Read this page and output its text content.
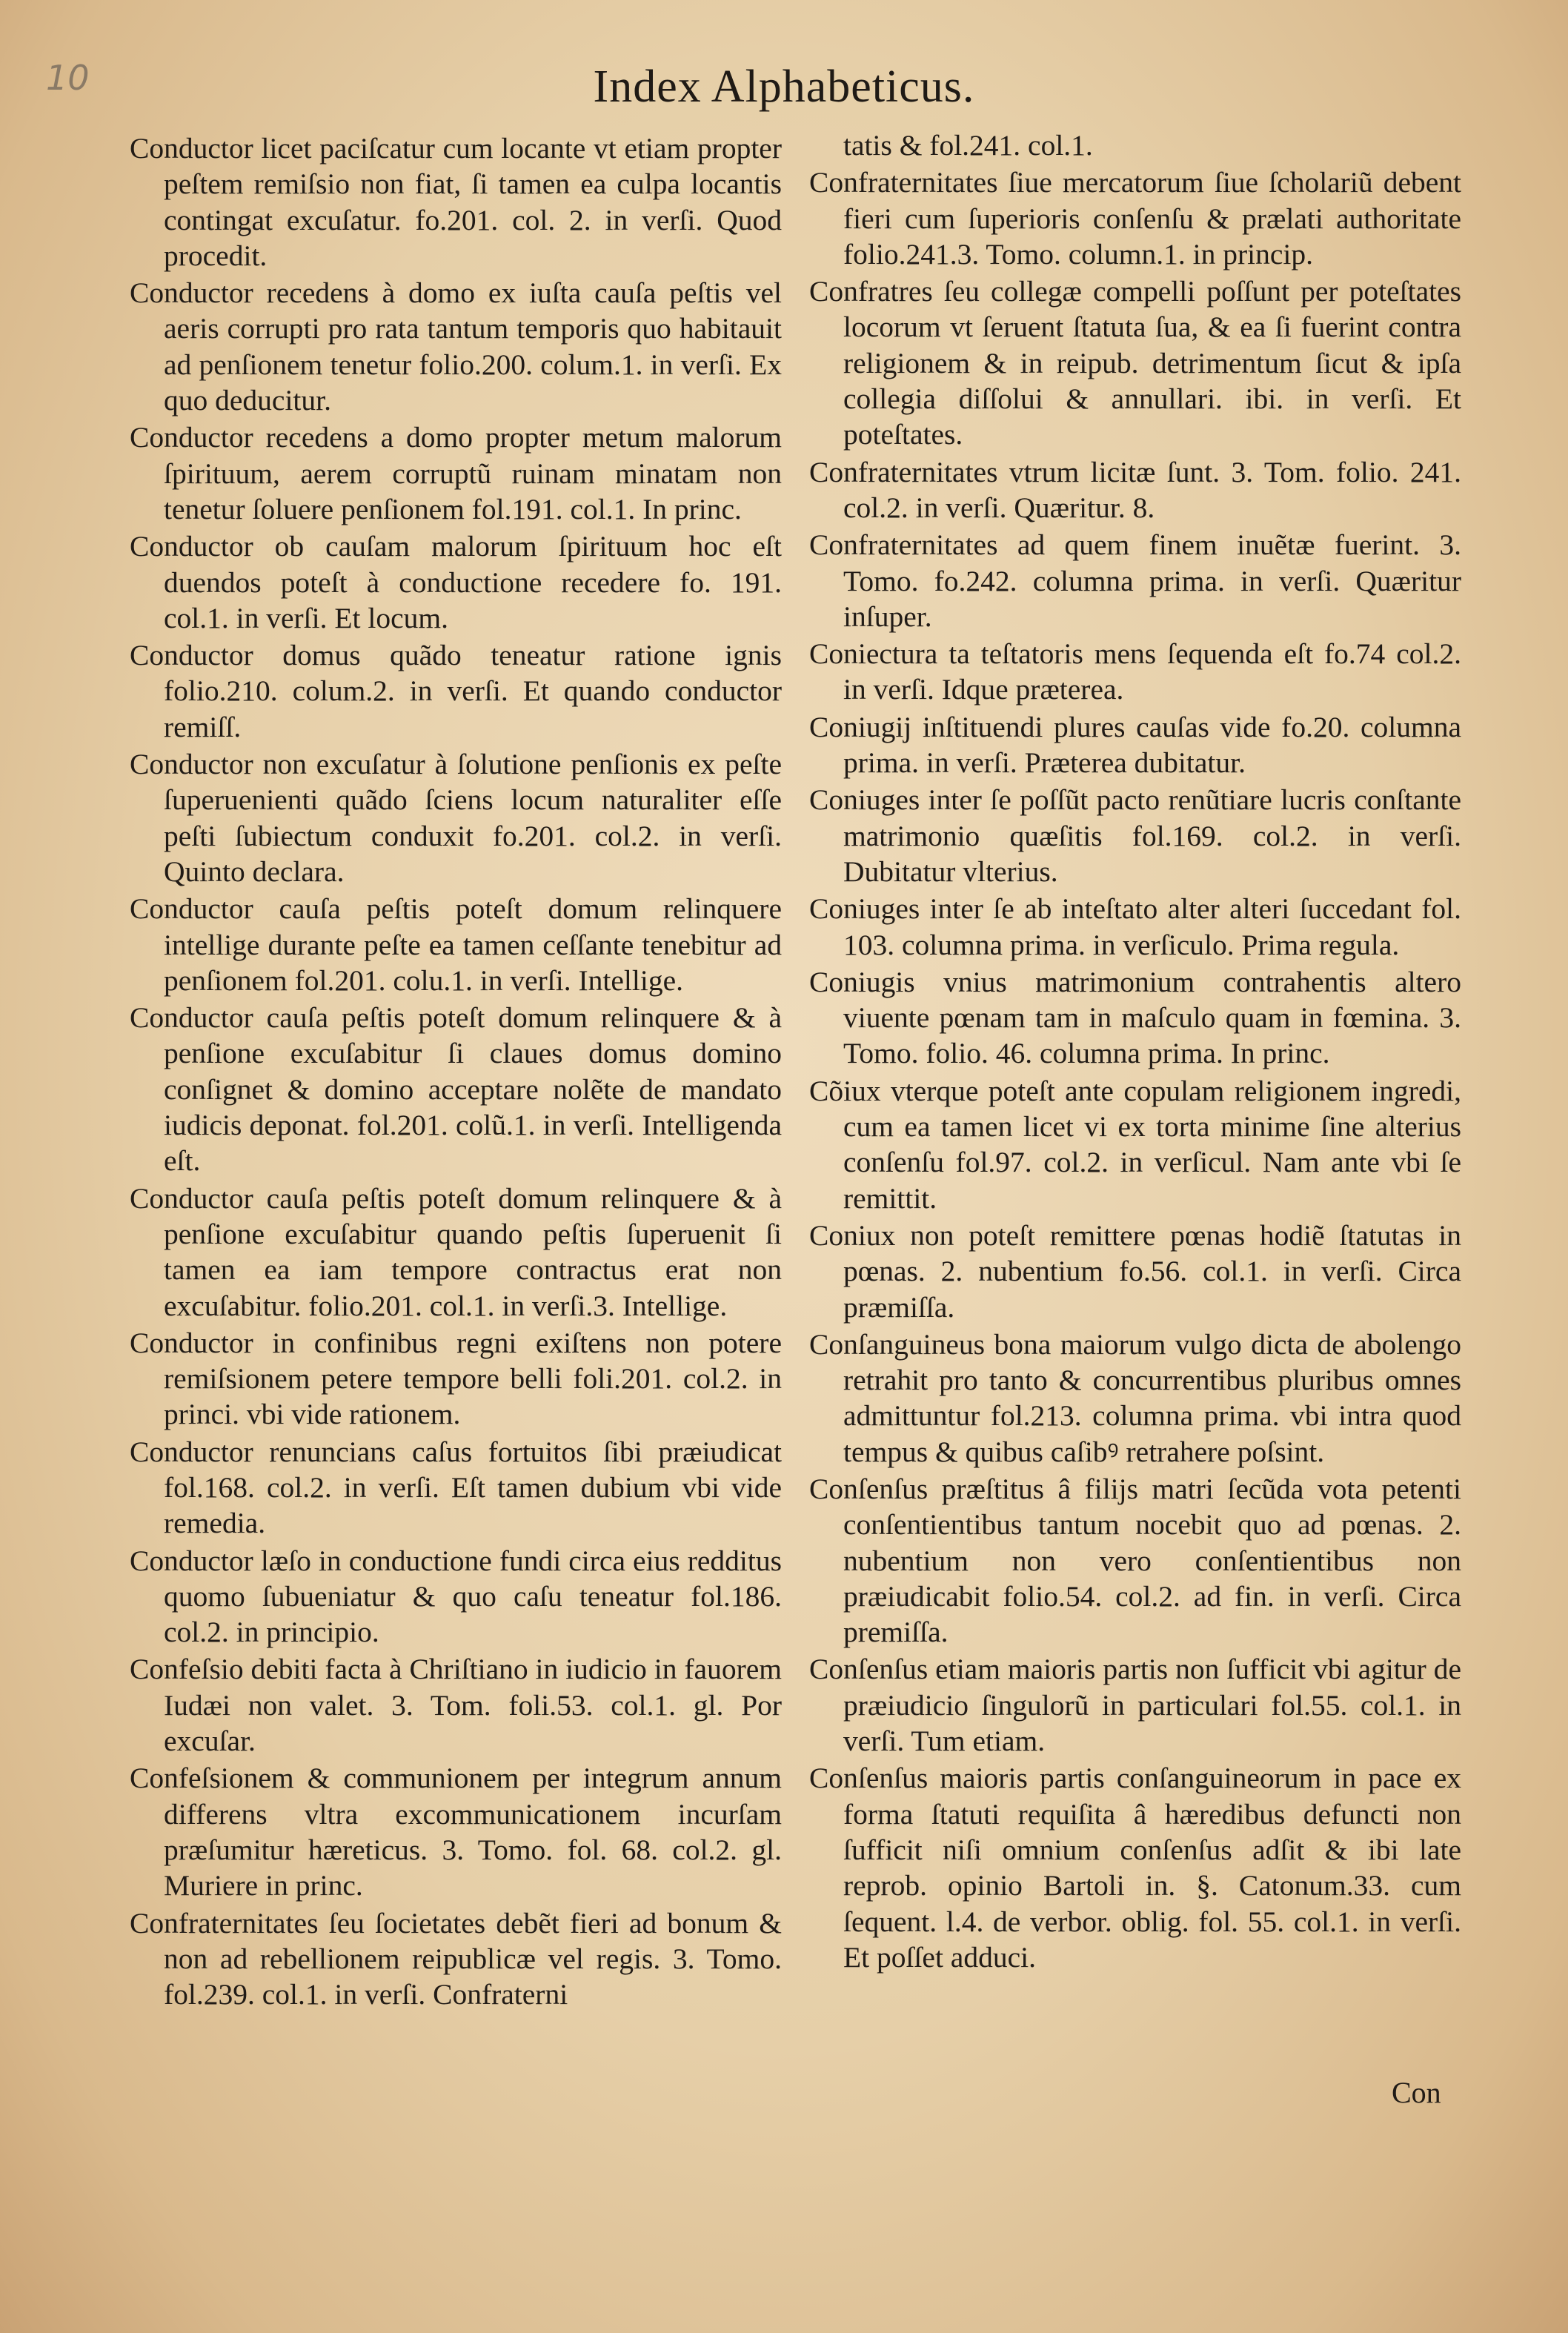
10	Index Alphabeticus.

Conductor licet paciſcatur cum locante vt etiam propter peſtem remiſsio non fiat, ſi tamen ea culpa locantis contingat excuſatur. fo.201. col. 2. in verſi. Quod procedit.

Conductor recedens à domo ex iuſta cauſa peſtis vel aeris corrupti pro rata tantum temporis quo habitauit ad penſionem tenetur folio.200. colum.1. in verſi. Ex quo deducitur.

Conductor recedens a domo propter metum malorum ſpirituum, aerem corruptũ ruinam minatam non tenetur ſoluere penſionem fol.191. col.1. In princ.

Conductor ob cauſam malorum ſpirituum hoc eſt duendos poteſt à conductione recedere fo. 191. col.1. in verſi. Et locum.

Conductor domus quãdo teneatur ratione ignis folio.210. colum.2. in verſi. Et quando conductor remiſſ.

Conductor non excuſatur à ſolutione penſionis ex peſte ſuperuenienti quãdo ſciens locum naturaliter eſſe peſti ſubiectum conduxit fo.201. col.2. in verſi. Quinto declara.

Conductor cauſa peſtis poteſt domum relinquere intellige durante peſte ea tamen ceſſante tenebitur ad penſionem fol.201. colu.1. in verſi. Intellige.

Conductor cauſa peſtis poteſt domum relinquere & à penſione excuſabitur ſi claues domus domino conſignet & domino acceptare nolẽte de mandato iudicis deponat. fol.201. colũ.1. in verſi. Intelligenda eſt.

Conductor cauſa peſtis poteſt domum relinquere & à penſione excuſabitur quando peſtis ſuperuenit ſi tamen ea iam tempore contractus erat non excuſabitur. folio.201. col.1. in verſi.3. Intellige.

Conductor in confinibus regni exiſtens non potere remiſsionem petere tempore belli foli.201. col.2. in princi. vbi vide rationem.

Conductor renuncians caſus fortuitos ſibi præiudicat fol.168. col.2. in verſi. Eſt tamen dubium vbi vide remedia.

Conductor læſo in conductione fundi circa eius redditus quomo ſubueniatur & quo caſu teneatur fol.186. col.2. in principio.

Confeſsio debiti facta à Chriſtiano in iudicio in fauorem Iudæi non valet. 3. Tom. foli.53. col.1. gl. Por excuſar.

Confeſsionem & communionem per integrum annum differens vltra excommunicationem incurſam præſumitur hæreticus. 3. Tomo. fol. 68. col.2. gl. Muriere in princ.

Confraternitates ſeu ſocietates debẽt fieri ad bonum & non ad rebellionem reipublicæ vel regis. 3. Tomo. fol.239. col.1. in verſi. Confraterni

tatis & fol.241. col.1.

Confraternitates ſiue mercatorum ſiue ſcholariũ debent fieri cum ſuperioris conſenſu & prælati authoritate folio.241.3. Tomo. column.1. in princip.

Confratres ſeu collegæ compelli poſſunt per poteſtates locorum vt ſeruent ſtatuta ſua, & ea ſi fuerint contra religionem & in reipub. detrimentum ſicut & ipſa collegia diſſolui & annullari. ibi. in verſi. Et poteſtates.

Confraternitates vtrum licitæ ſunt. 3. Tom. folio. 241. col.2. in verſi. Quæritur. 8.

Confraternitates ad quem finem inuẽtæ fuerint. 3. Tomo. fo.242. columna prima. in verſi. Quæritur inſuper.

Coniectura ta teſtatoris mens ſequenda eſt fo.74 col.2. in verſi. Idque præterea.

Coniugij inſtituendi plures cauſas vide fo.20. columna prima. in verſi. Præterea dubitatur.

Coniuges inter ſe poſſũt pacto renũtiare lucris conſtante matrimonio quæſitis fol.169. col.2. in verſi. Dubitatur vlterius.

Coniuges inter ſe ab inteſtato alter alteri ſuccedant fol. 103. columna prima. in verſiculo. Prima regula.

Coniugis vnius matrimonium contrahentis altero viuente pœnam tam in maſculo quam in fœmina. 3. Tomo. folio. 46. columna prima. In princ.

Cõiux vterque poteſt ante copulam religionem ingredi, cum ea tamen licet vi ex torta minime ſine alterius conſenſu fol.97. col.2. in verſicul. Nam ante vbi ſe remittit.

Coniux non poteſt remittere pœnas hodiẽ ſtatutas in pœnas. 2. nubentium fo.56. col.1. in verſi. Circa præmiſſa.

Conſanguineus bona maiorum vulgo dicta de abolengo retrahit pro tanto & concurrentibus pluribus omnes admittuntur fol.213. columna prima. vbi intra quod tempus & quibus caſibꝰ retrahere poſsint.

Conſenſus præſtitus â filijs matri ſecũda vota petenti conſentientibus tantum nocebit quo ad pœnas. 2. nubentium non vero conſentientibus non præiudicabit folio.54. col.2. ad fin. in verſi. Circa premiſſa.

Conſenſus etiam maioris partis non ſufficit vbi agitur de præiudicio ſingulorũ in particulari fol.55. col.1. in verſi. Tum etiam.

Conſenſus maioris partis conſanguineorum in pace ex forma ſtatuti requiſita â hæredibus defuncti non ſufficit niſi omnium conſenſus adſit & ibi late reprob. opinio Bartoli in. §. Catonum.33. cum ſequent. l.4. de verbor. oblig. fol. 55. col.1. in verſi. Et poſſet adduci.

Con
